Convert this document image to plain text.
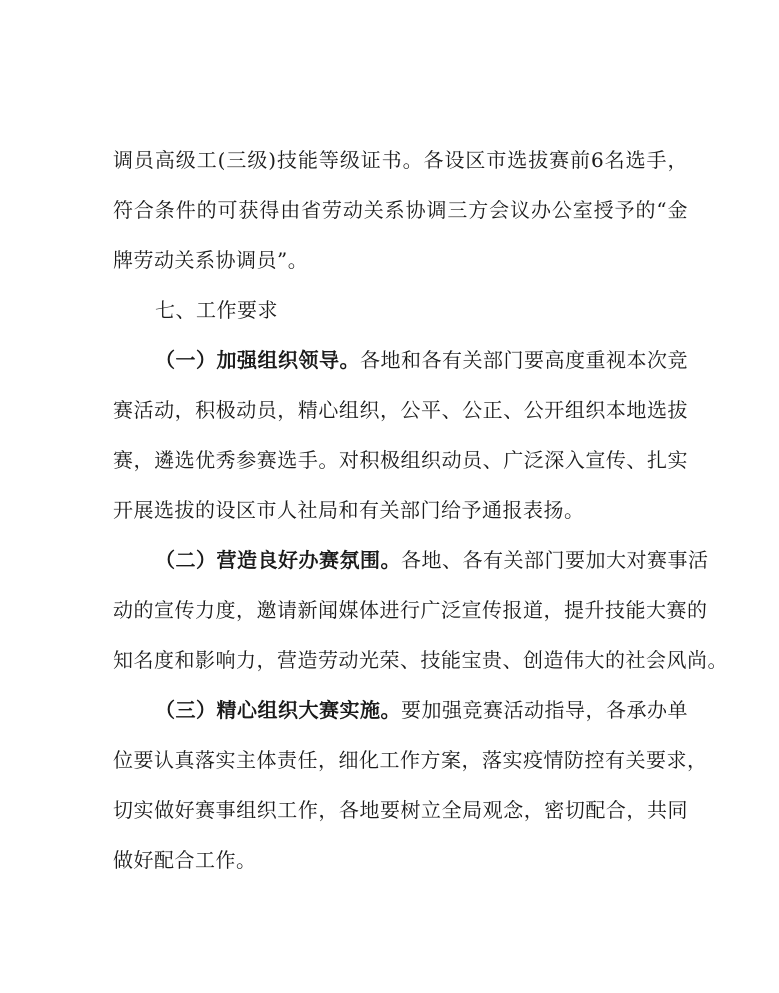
调员高级工(三级)技能等级证书。各设区市选拔赛前6名选手，
符合条件的可获得由省劳动关系协调三方会议办公室授予的“金
牌劳动关系协调员”。
七、工作要求
（一）加强组织领导。各地和各有关部门要高度重视本次竞
赛活动，积极动员，精心组织，公平、公正、公开组织本地选拔
赛，遴选优秀参赛选手。对积极组织动员、广泛深入宣传、扎实
开展选拔的设区市人社局和有关部门给予通报表扬。
（二）营造良好办赛氛围。各地、各有关部门要加大对赛事活
动的宣传力度，邀请新闻媒体进行广泛宣传报道，提升技能大赛的
知名度和影响力，营造劳动光荣、技能宝贵、创造伟大的社会风尚。
（三）精心组织大赛实施。要加强竞赛活动指导，各承办单
位要认真落实主体责任，细化工作方案，落实疫情防控有关要求，
切实做好赛事组织工作，各地要树立全局观念，密切配合，共同
做好配合工作。
